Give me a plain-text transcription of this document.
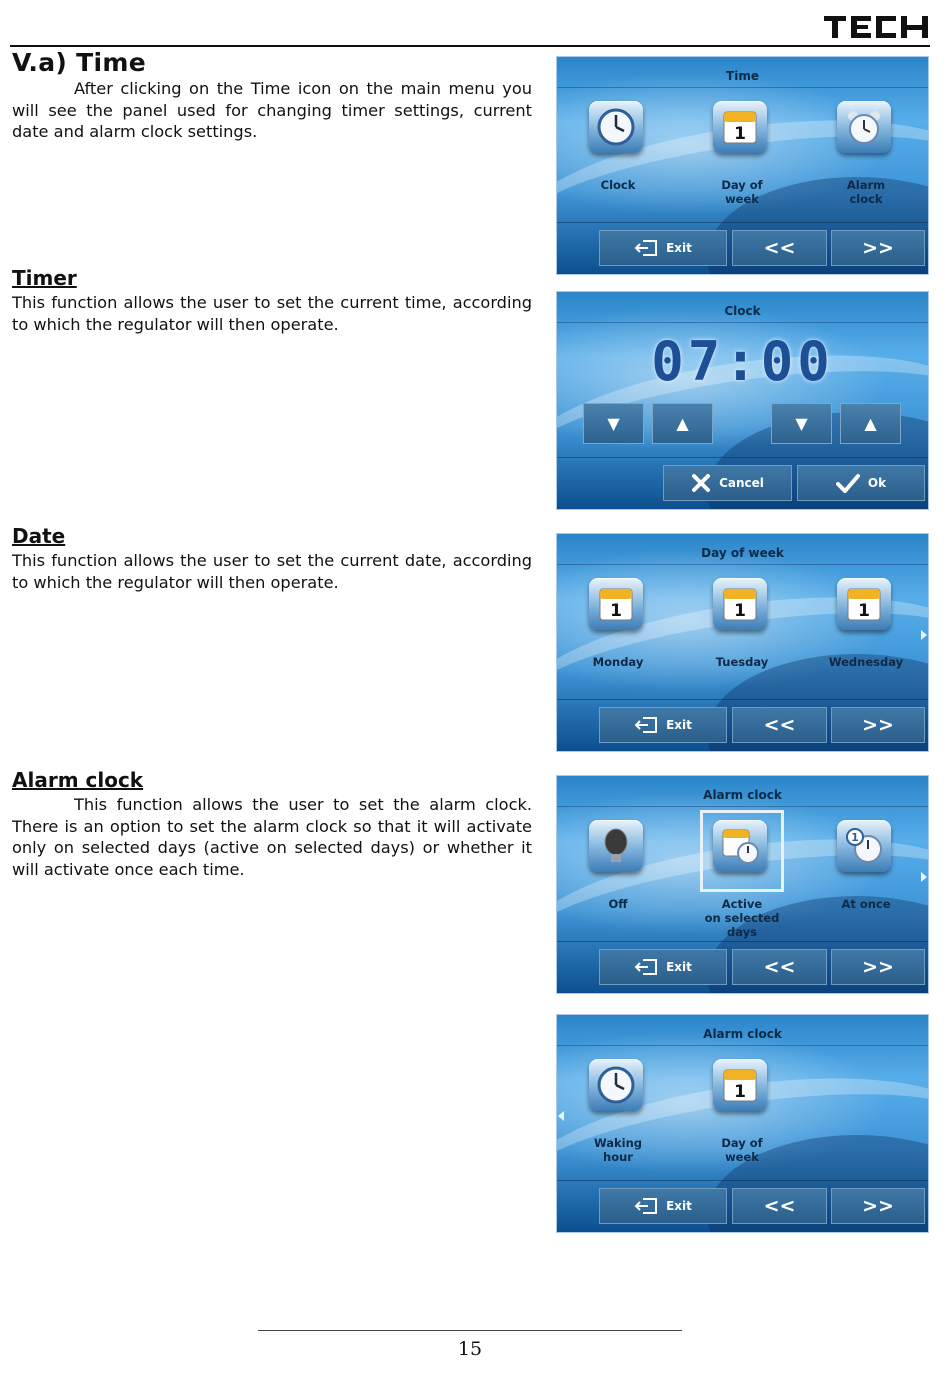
V.a) Time

After clicking on the Time icon on the main menu you will see the panel used for changing timer settings, current date and alarm clock settings.

Timer

This function allows the user to set the current time, according to which the regulator will then operate.

Date

This function allows the user to set the current date, according to which the regulator will then operate.

Alarm clock

This function allows the user to set the alarm clock. There is an option to set the alarm clock so that it will activate only on selected days (active on selected days) or whether it will activate once each time.

Time
1
Clock	Day of
week
Alarm
clock
Exit	<<	>>
Clock
07:00
▼	▲	▼	▲
Cancel	Ok
Day of week
1	1	1
Monday	Tuesday	Wednesday
Exit	<<	>>
Alarm clock
1
Off	Active
on selected
days
At once
Exit	<<	>>
Alarm clock
1
Waking
hour
Day of
week
Exit	<<	>>
15
